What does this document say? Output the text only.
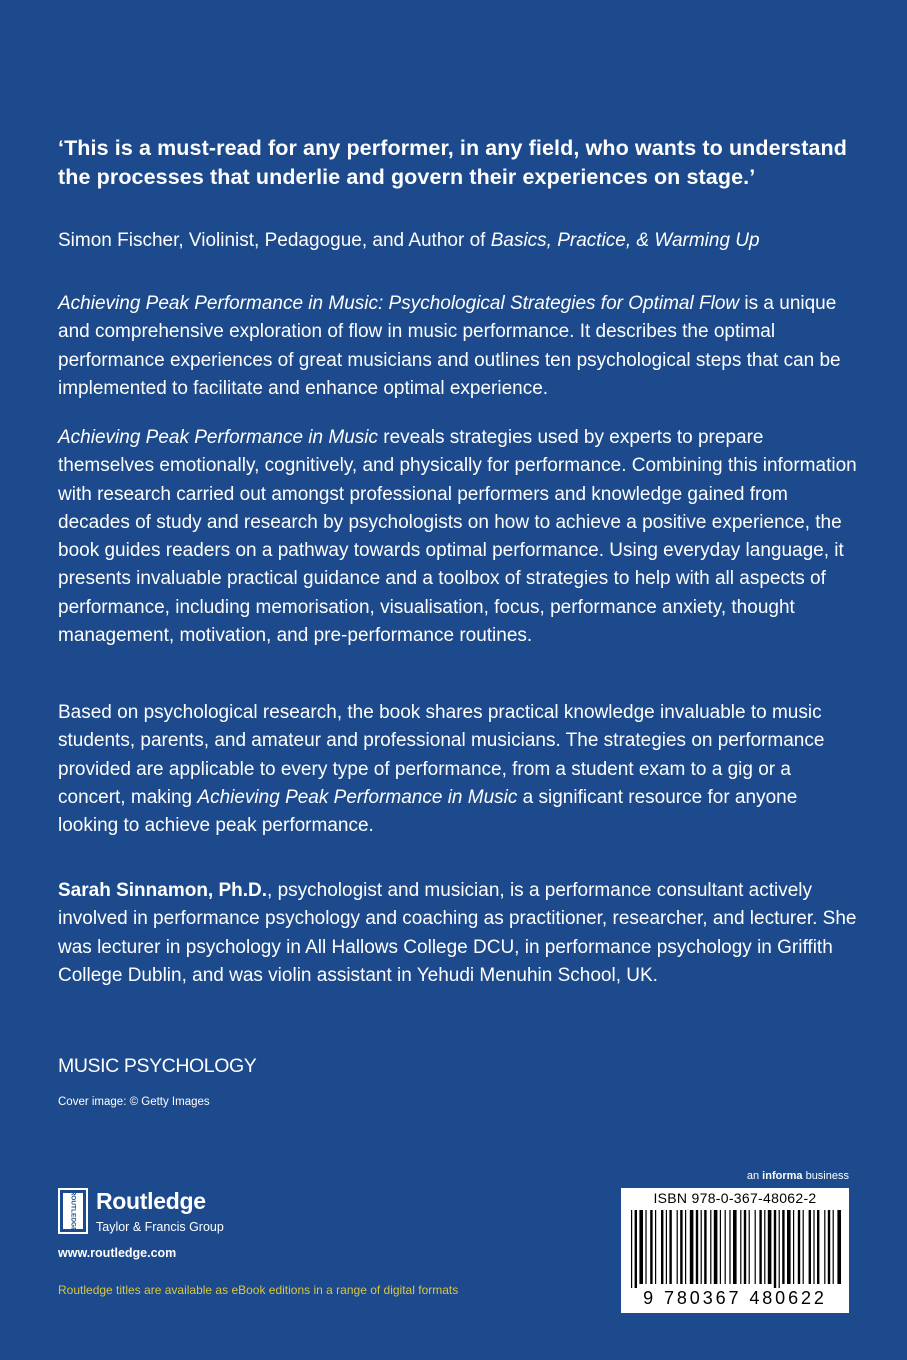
‘This is a must-read for any performer, in any field, who wants to understand the processes that underlie and govern their experiences on stage.’
Simon Fischer, Violinist, Pedagogue, and Author of Basics, Practice, & Warming Up
Achieving Peak Performance in Music: Psychological Strategies for Optimal Flow is a unique and comprehensive exploration of flow in music performance. It describes the optimal performance experiences of great musicians and outlines ten psychological steps that can be implemented to facilitate and enhance optimal experience.
Achieving Peak Performance in Music reveals strategies used by experts to prepare themselves emotionally, cognitively, and physically for performance. Combining this information with research carried out amongst professional performers and knowledge gained from decades of study and research by psychologists on how to achieve a positive experience, the book guides readers on a pathway towards optimal performance. Using everyday language, it presents invaluable practical guidance and a toolbox of strategies to help with all aspects of performance, including memorisation, visualisation, focus, performance anxiety, thought management, motivation, and pre-performance routines.
Based on psychological research, the book shares practical knowledge invaluable to music students, parents, and amateur and professional musicians. The strategies on performance provided are applicable to every type of performance, from a student exam to a gig or a concert, making Achieving Peak Performance in Music a significant resource for anyone looking to achieve peak performance.
Sarah Sinnamon, Ph.D., psychologist and musician, is a performance consultant actively involved in performance psychology and coaching as practitioner, researcher, and lecturer. She was lecturer in psychology in All Hallows College DCU, in performance psychology in Griffith College Dublin, and was violin assistant in Yehudi Menuhin School, UK.
MUSIC PSYCHOLOGY
Cover image: © Getty Images
an informa business
ROUTLEDGE Routledge
Taylor & Francis Group
www.routledge.com
ISBN 978-0-367-48062-2
9 780367 480622
Routledge titles are available as eBook editions in a range of digital formats
